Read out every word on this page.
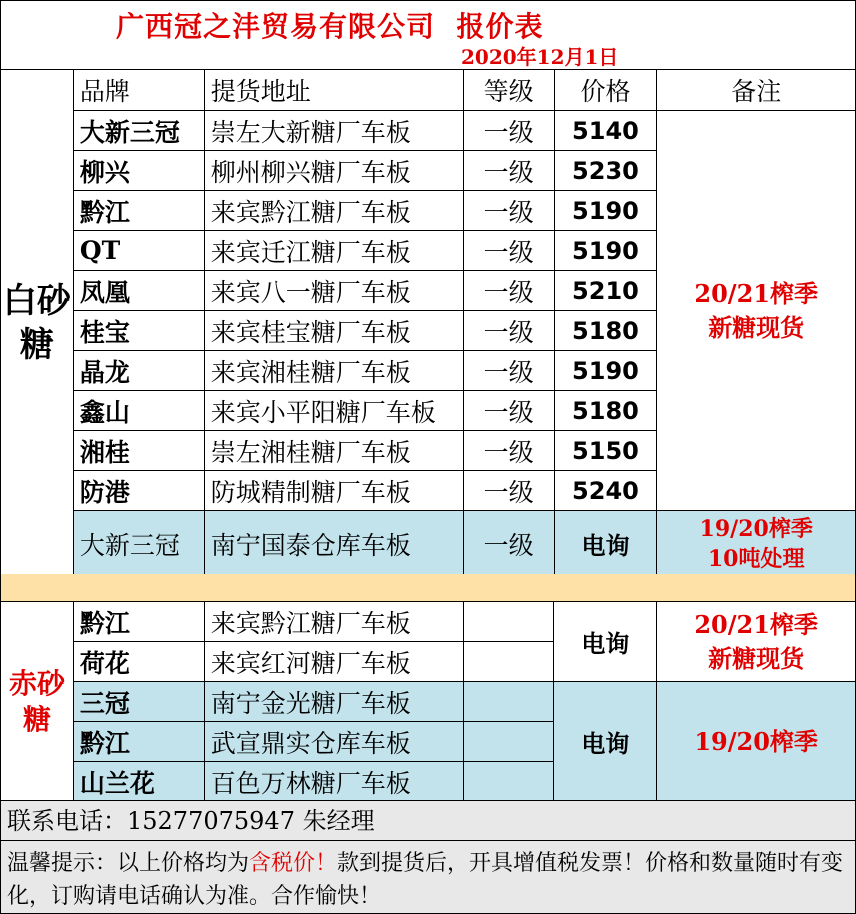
广西冠之沣贸易有限公司 报价表
2020年12月1日
白砂糖	品牌	提货地址	等级	价格	备注
	大新三冠	崇左大新糖厂车板	一级	5140	20/21榨季
新糖现货
	柳兴	柳州柳兴糖厂车板	一级	5230	
	黔江	来宾黔江糖厂车板	一级	5190	
	QT	来宾迁江糖厂车板	一级	5190	
	凤凰	来宾八一糖厂车板	一级	5210	
	桂宝	来宾桂宝糖厂车板	一级	5180	
	晶龙	来宾湘桂糖厂车板	一级	5190	
	鑫山	来宾小平阳糖厂车板	一级	5180	
	湘桂	崇左湘桂糖厂车板	一级	5150	
	防港	防城精制糖厂车板	一级	5240	
	大新三冠	南宁国泰仓库车板	一级	电询	19/20榨季
10吨处理
赤砂糖	黔江	来宾黔江糖厂车板		电询	20/21榨季
新糖现货
	荷花	来宾红河糖厂车板			
	三冠	南宁金光糖厂车板		电询	19/20榨季
	黔江	武宣鼎实仓库车板			
	山兰花	百色万林糖厂车板			
联系电话：15277075947 朱经理
温馨提示：以上价格均为含税价！款到提货后，开具增值税发票！价格和数量随时有变化，订购请电话确认为准。合作愉快！
